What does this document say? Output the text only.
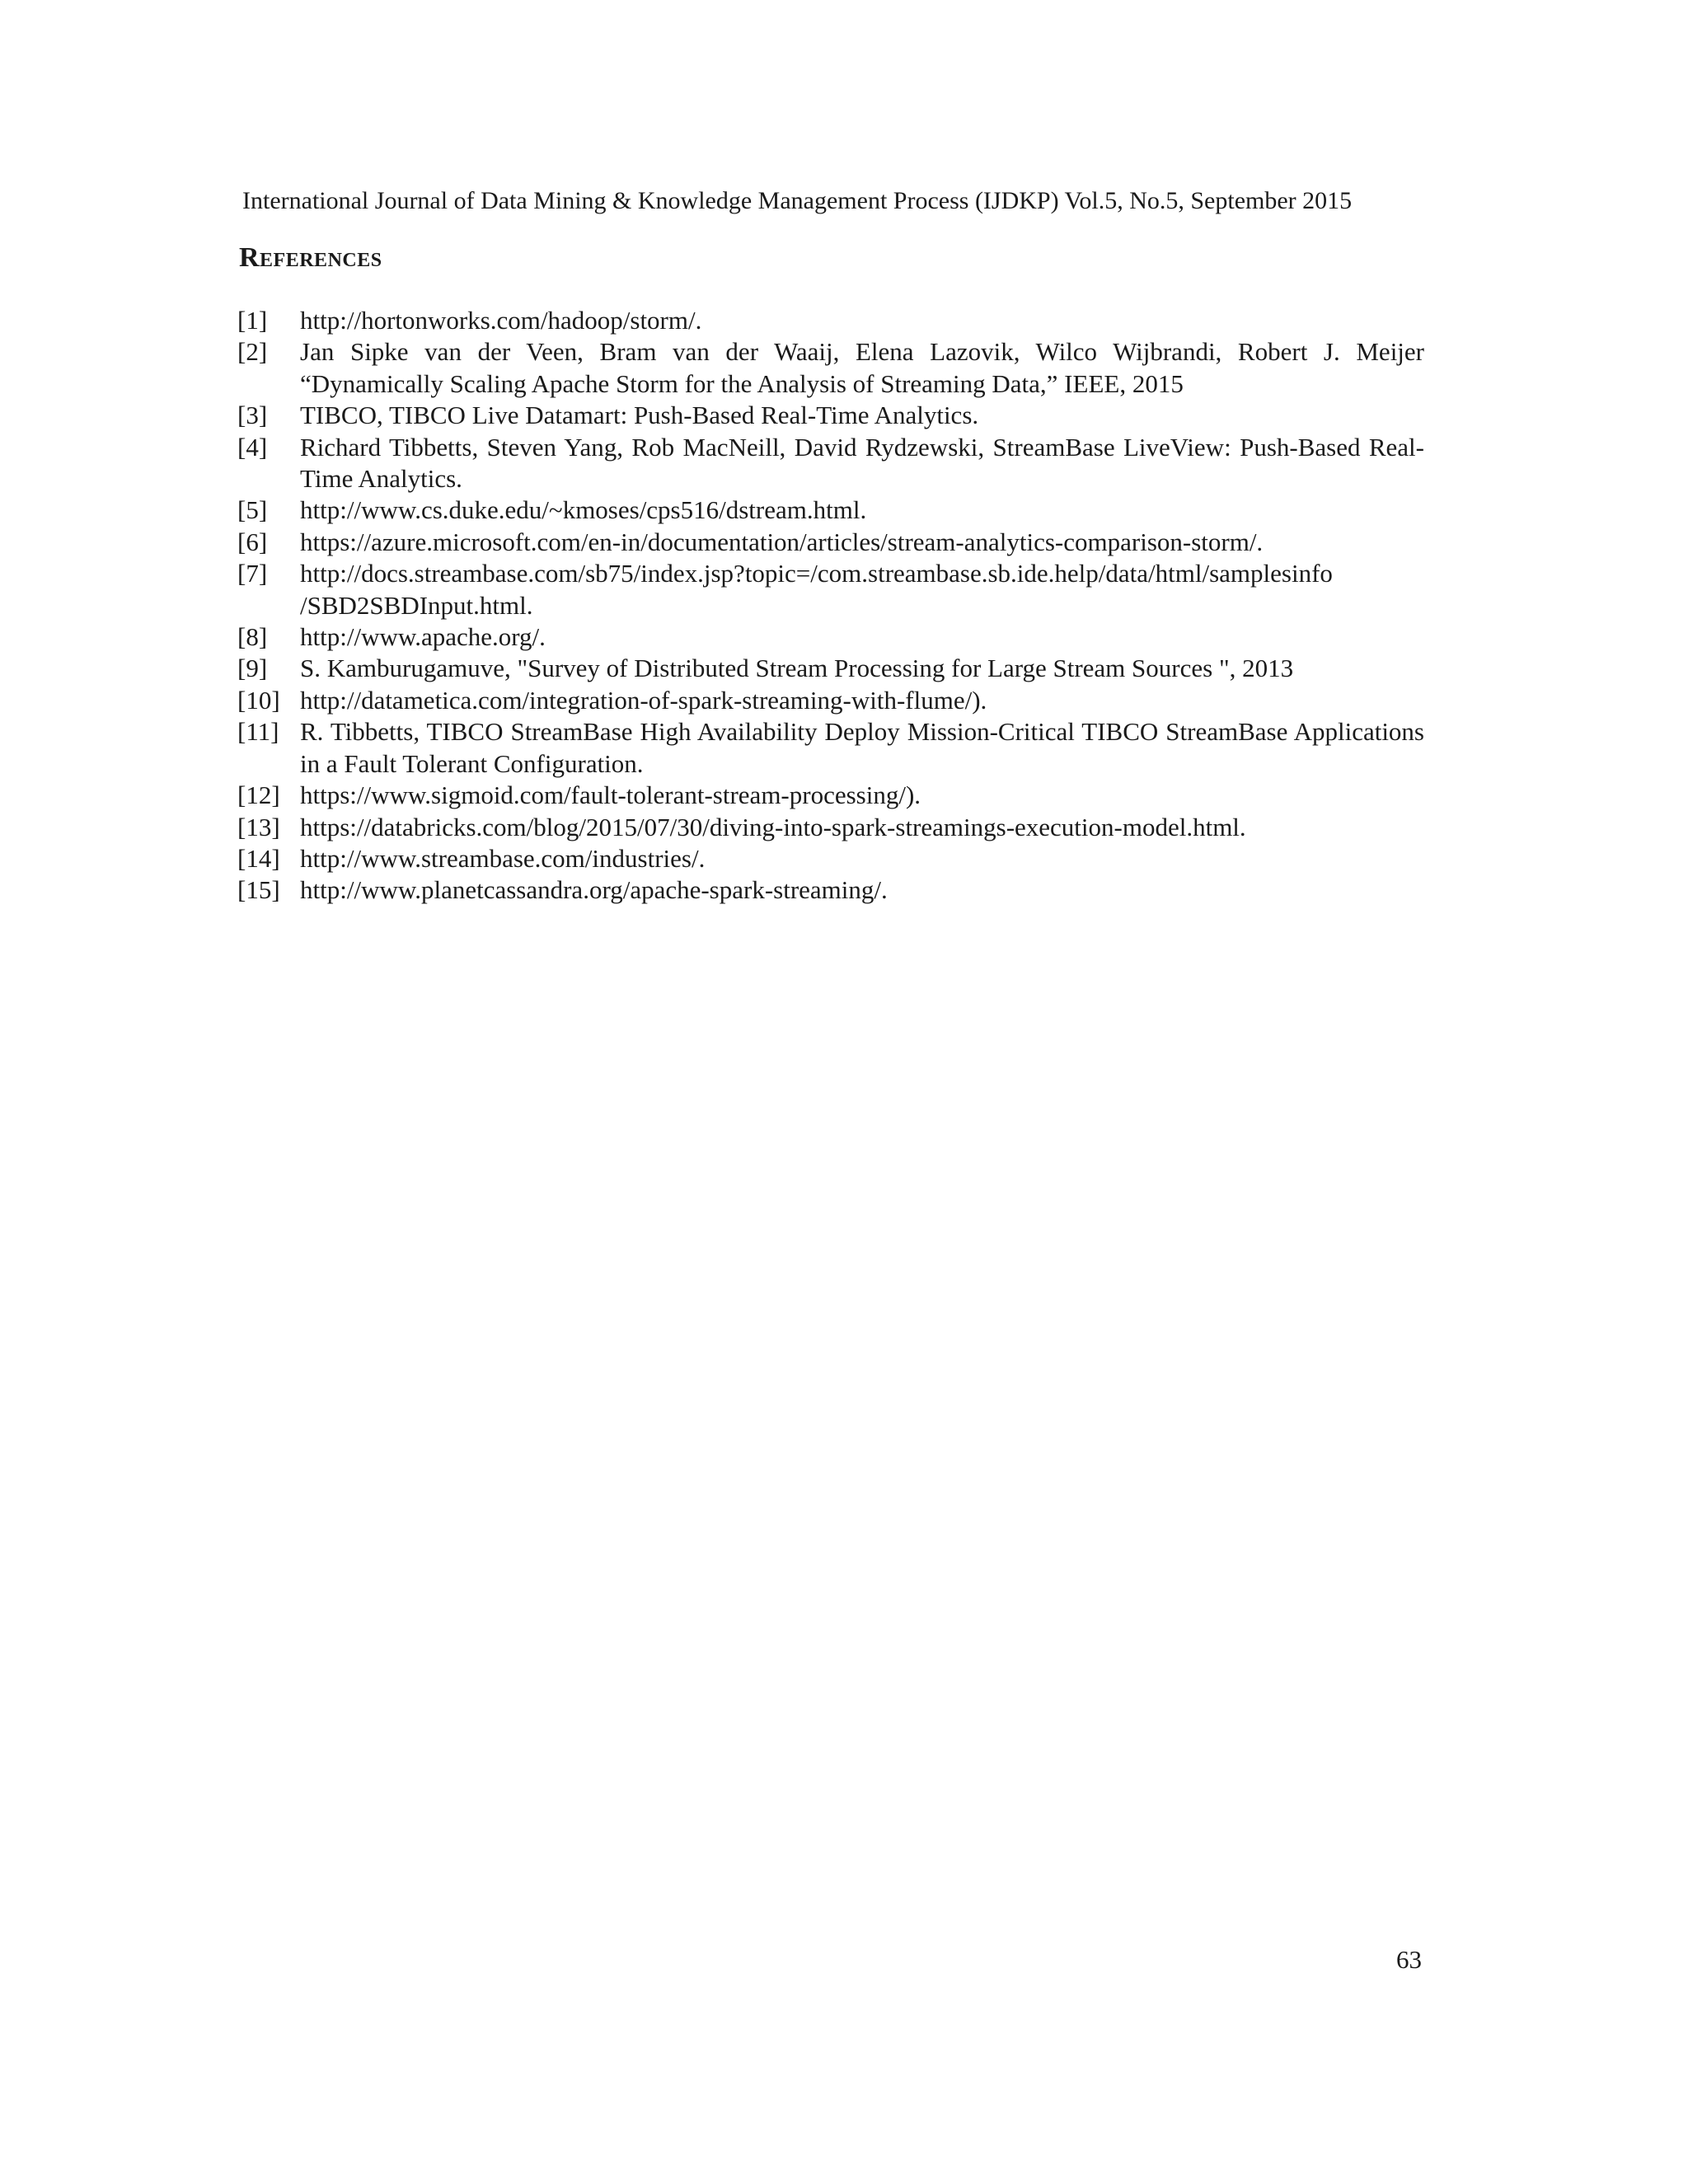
International Journal of Data Mining & Knowledge Management Process (IJDKP) Vol.5, No.5, September 2015
References
[1]	http://hortonworks.com/hadoop/storm/.
[2]	Jan Sipke van der Veen, Bram van der Waaij, Elena Lazovik, Wilco Wijbrandi, Robert J. Meijer “Dynamically Scaling Apache Storm for the Analysis of Streaming Data,” IEEE, 2015
[3]	TIBCO, TIBCO Live Datamart: Push-Based Real-Time Analytics.
[4]	Richard Tibbetts, Steven Yang, Rob MacNeill, David Rydzewski, StreamBase LiveView: Push-Based Real-Time Analytics.
[5]	http://www.cs.duke.edu/~kmoses/cps516/dstream.html.
[6]	https://azure.microsoft.com/en-in/documentation/articles/stream-analytics-comparison-storm/.
[7]	http://docs.streambase.com/sb75/index.jsp?topic=/com.streambase.sb.ide.help/data/html/samplesinfo /SBD2SBDInput.html.
[8]	http://www.apache.org/.
[9]	S. Kamburugamuve, "Survey of Distributed Stream Processing for Large Stream Sources ", 2013
[10] http://datametica.com/integration-of-spark-streaming-with-flume/).
[11] R. Tibbetts, TIBCO StreamBase High Availability Deploy Mission-Critical TIBCO StreamBase Applications in a Fault Tolerant Configuration.
[12] https://www.sigmoid.com/fault-tolerant-stream-processing/).
[13] https://databricks.com/blog/2015/07/30/diving-into-spark-streamings-execution-model.html.
[14] http://www.streambase.com/industries/.
[15] http://www.planetcassandra.org/apache-spark-streaming/.
63
